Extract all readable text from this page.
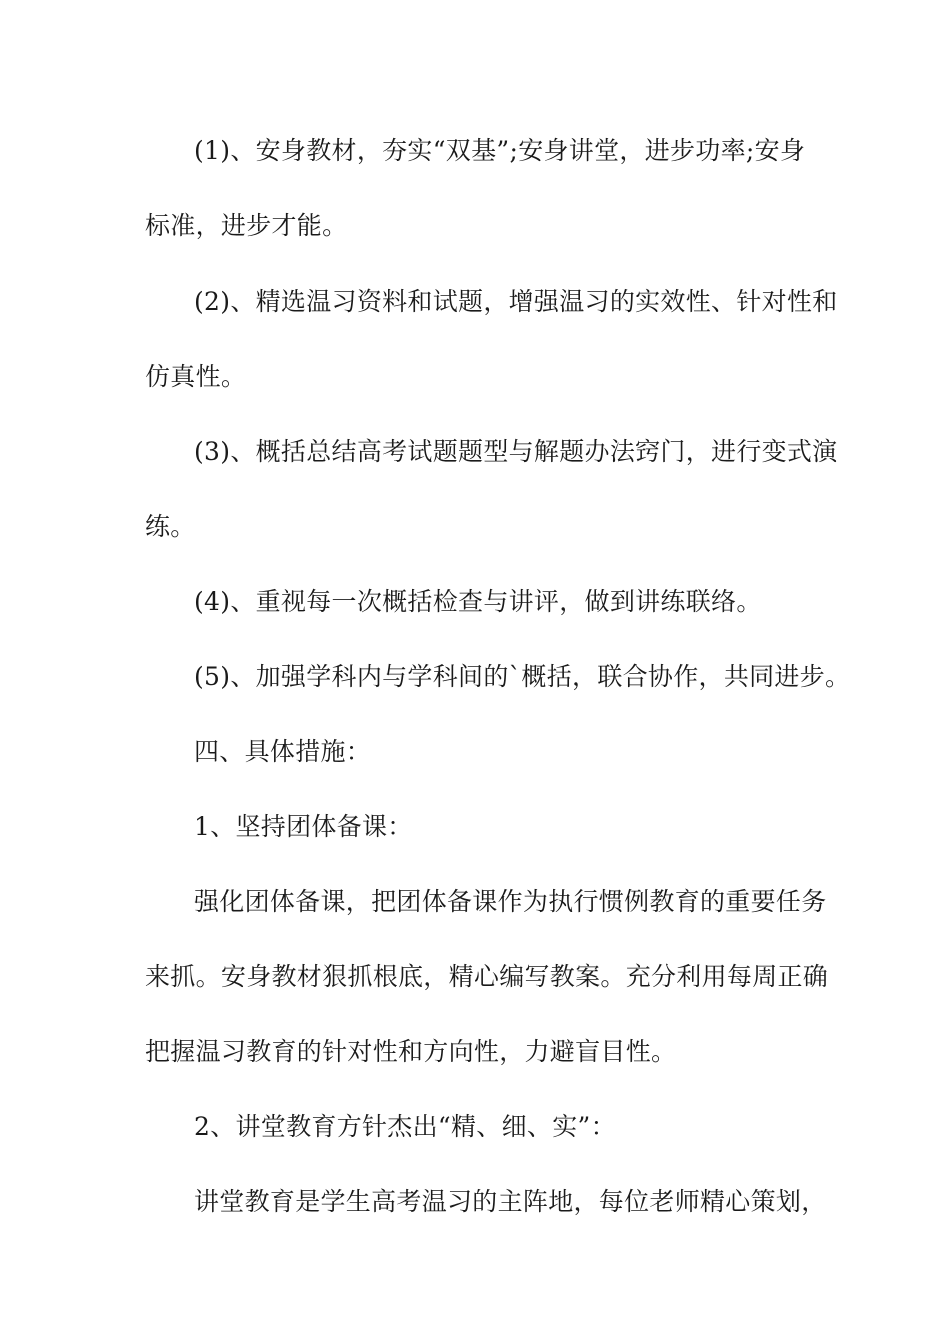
(1)、安身教材，夯实“双基”;安身讲堂，进步功率;安身

标准，进步才能。

(2)、精选温习资料和试题，增强温习的实效性、针对性和

仿真性。

(3)、概括总结高考试题题型与解题办法窍门，进行变式演

练。

(4)、重视每一次概括检查与讲评，做到讲练联络。

(5)、加强学科内与学科间的`概括，联合协作，共同进步。

四、具体措施：

1、坚持团体备课：

强化团体备课，把团体备课作为执行惯例教育的重要任务

来抓。安身教材狠抓根底，精心编写教案。充分利用每周正确

把握温习教育的针对性和方向性，力避盲目性。

2、讲堂教育方针杰出“精、细、实”：

讲堂教育是学生高考温习的主阵地，每位老师精心策划，
